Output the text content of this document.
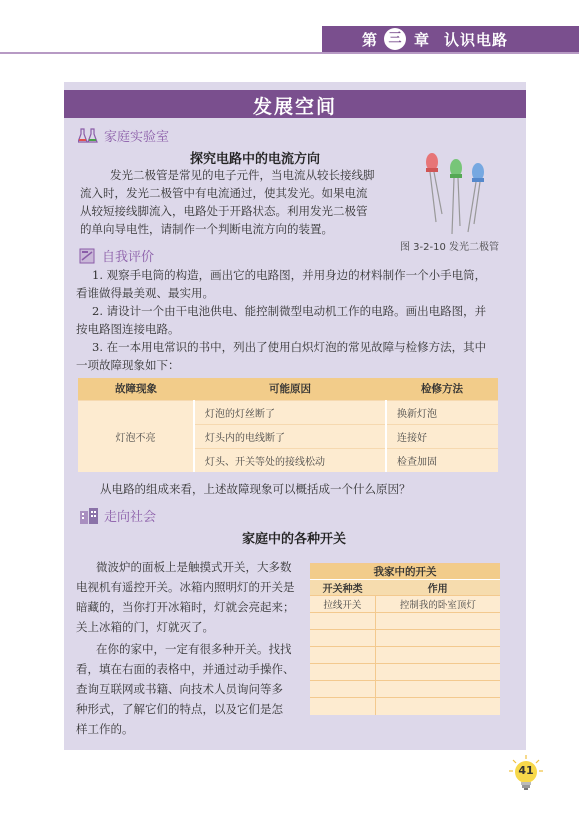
第 三 章 认识电路
发展空间
家庭实验室
探究电路中的电流方向
发光二极管是常见的电子元件，当电流从较长接线脚
流入时，发光二极管中有电流通过，使其发光。如果电流
从较短接线脚流入，电路处于开路状态。利用发光二极管
的单向导电性，请制作一个判断电流方向的装置。
图 3-2-10 发光二极管
自我评价
1. 观察手电筒的构造，画出它的电路图，并用身边的材料制作一个小手电筒，
看谁做得最美观、最实用。
2. 请设计一个由干电池供电、能控制微型电动机工作的电路。画出电路图，并
按电路图连接电路。
3. 在一本用电常识的书中，列出了使用白炽灯泡的常见故障与检修方法，其中
一项故障现象如下：
故障现象	可能原因	检修方法
灯泡不亮	灯泡的灯丝断了	换新灯泡
	灯头内的电线断了	连接好
	灯头、开关等处的接线松动	检查加固
从电路的组成来看，上述故障现象可以概括成一个什么原因？
走向社会
家庭中的各种开关
微波炉的面板上是触摸式开关，大多数
电视机有遥控开关。冰箱内照明灯的开关是
暗藏的，当你打开冰箱时，灯就会亮起来；
关上冰箱的门，灯就灭了。
在你的家中，一定有很多种开关。找找
看，填在右面的表格中，并通过动手操作、
查询互联网或书籍、向技术人员询问等多
种形式，了解它们的特点，以及它们是怎
样工作的。
我家中的开关	
开关种类	作用
拉线开关	控制我的卧室顶灯

41
